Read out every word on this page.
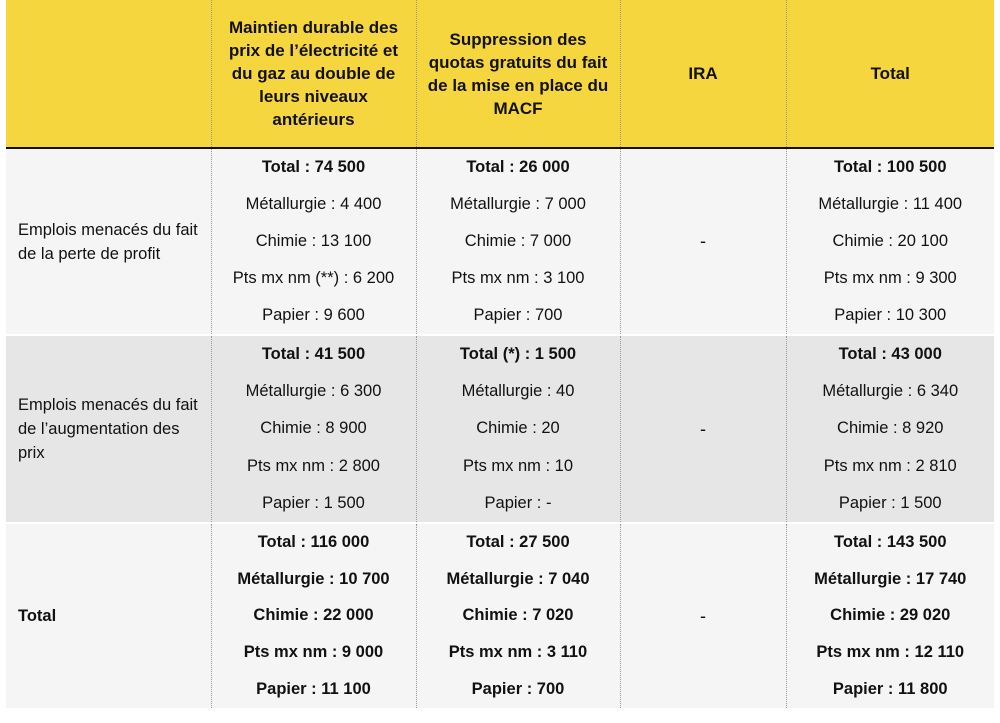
	Maintien durable des prix de l’électricité et du gaz au double de leurs niveaux antérieurs	Suppression des quotas gratuits du fait de la mise en place du MACF	IRA	Total
Emplois menacés du fait de la perte de profit	Total : 74 500
Métallurgie : 4 400
Chimie : 13 100
Pts mx nm (**) : 6 200
Papier : 9 600	Total : 26 000
Métallurgie : 7 000
Chimie : 7 000
Pts mx nm : 3 100
Papier : 700	-	Total : 100 500
Métallurgie : 11 400
Chimie : 20 100
Pts mx nm : 9 300
Papier : 10 300

Emplois menacés du fait de l’augmentation des prix	Total : 41 500
Métallurgie : 6 300
Chimie : 8 900
Pts mx nm : 2 800
Papier : 1 500	Total (*) : 1 500
Métallurgie : 40
Chimie : 20
Pts mx nm : 10
Papier : -	-	Total : 43 000
Métallurgie : 6 340
Chimie : 8 920
Pts mx nm : 2 810
Papier : 1 500

Total	Total : 116 000
Métallurgie : 10 700
Chimie : 22 000
Pts mx nm : 9 000
Papier : 11 100	Total : 27 500
Métallurgie : 7 040
Chimie : 7 020
Pts mx nm : 3 110
Papier : 700	-	Total : 143 500
Métallurgie : 17 740
Chimie : 29 020
Pts mx nm : 12 110
Papier : 11 800
